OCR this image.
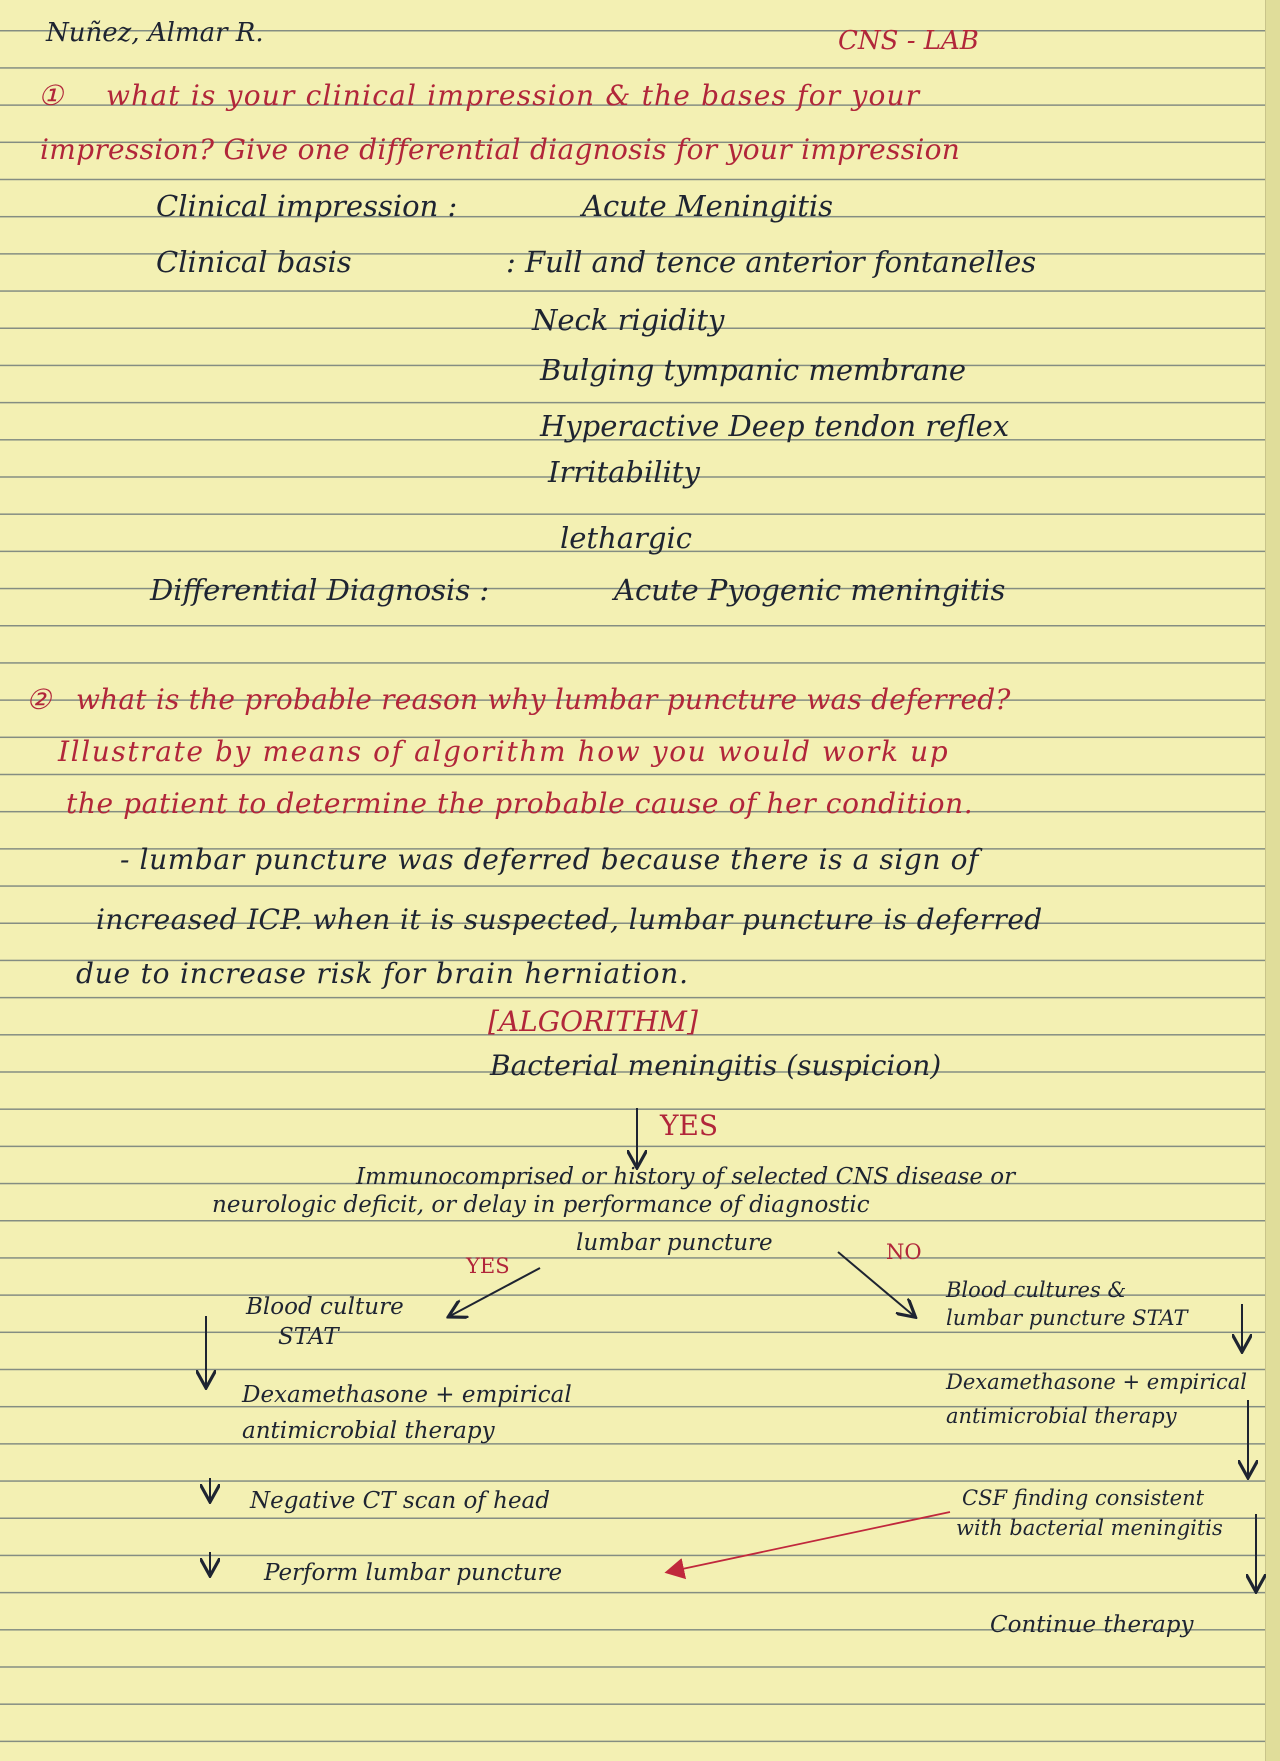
Nuñez, Almar R.	CNS - LAB
① what is your clinical impression & the bases for your
impression? Give one differential diagnosis for your impression
Clinical impression :	Acute Meningitis
Clinical basis	: Full and tence anterior fontanelles
Neck rigidity
Bulging tympanic membrane
Hyperactive Deep tendon reflex
Irritability
lethargic
Differential Diagnosis :	Acute Pyogenic meningitis
② what is the probable reason why lumbar puncture was deferred?
Illustrate by means of algorithm how you would work up
the patient to determine the probable cause of her condition.
- lumbar puncture was deferred because there is a sign of
increased ICP. when it is suspected, lumbar puncture is deferred
due to increase risk for brain herniation.
[ALGORITHM]
Bacterial meningitis (suspicion)
YES
Immunocomprised or history of selected CNS disease or
neurologic deficit, or delay in performance of diagnostic
lumbar puncture
YES
NO
Blood culture
STAT
Dexamethasone + empirical
antimicrobial therapy
Negative CT scan of head
Perform lumbar puncture
Blood cultures &
lumbar puncture STAT
Dexamethasone + empirical
antimicrobial therapy
CSF finding consistent
with bacterial meningitis
Continue therapy
